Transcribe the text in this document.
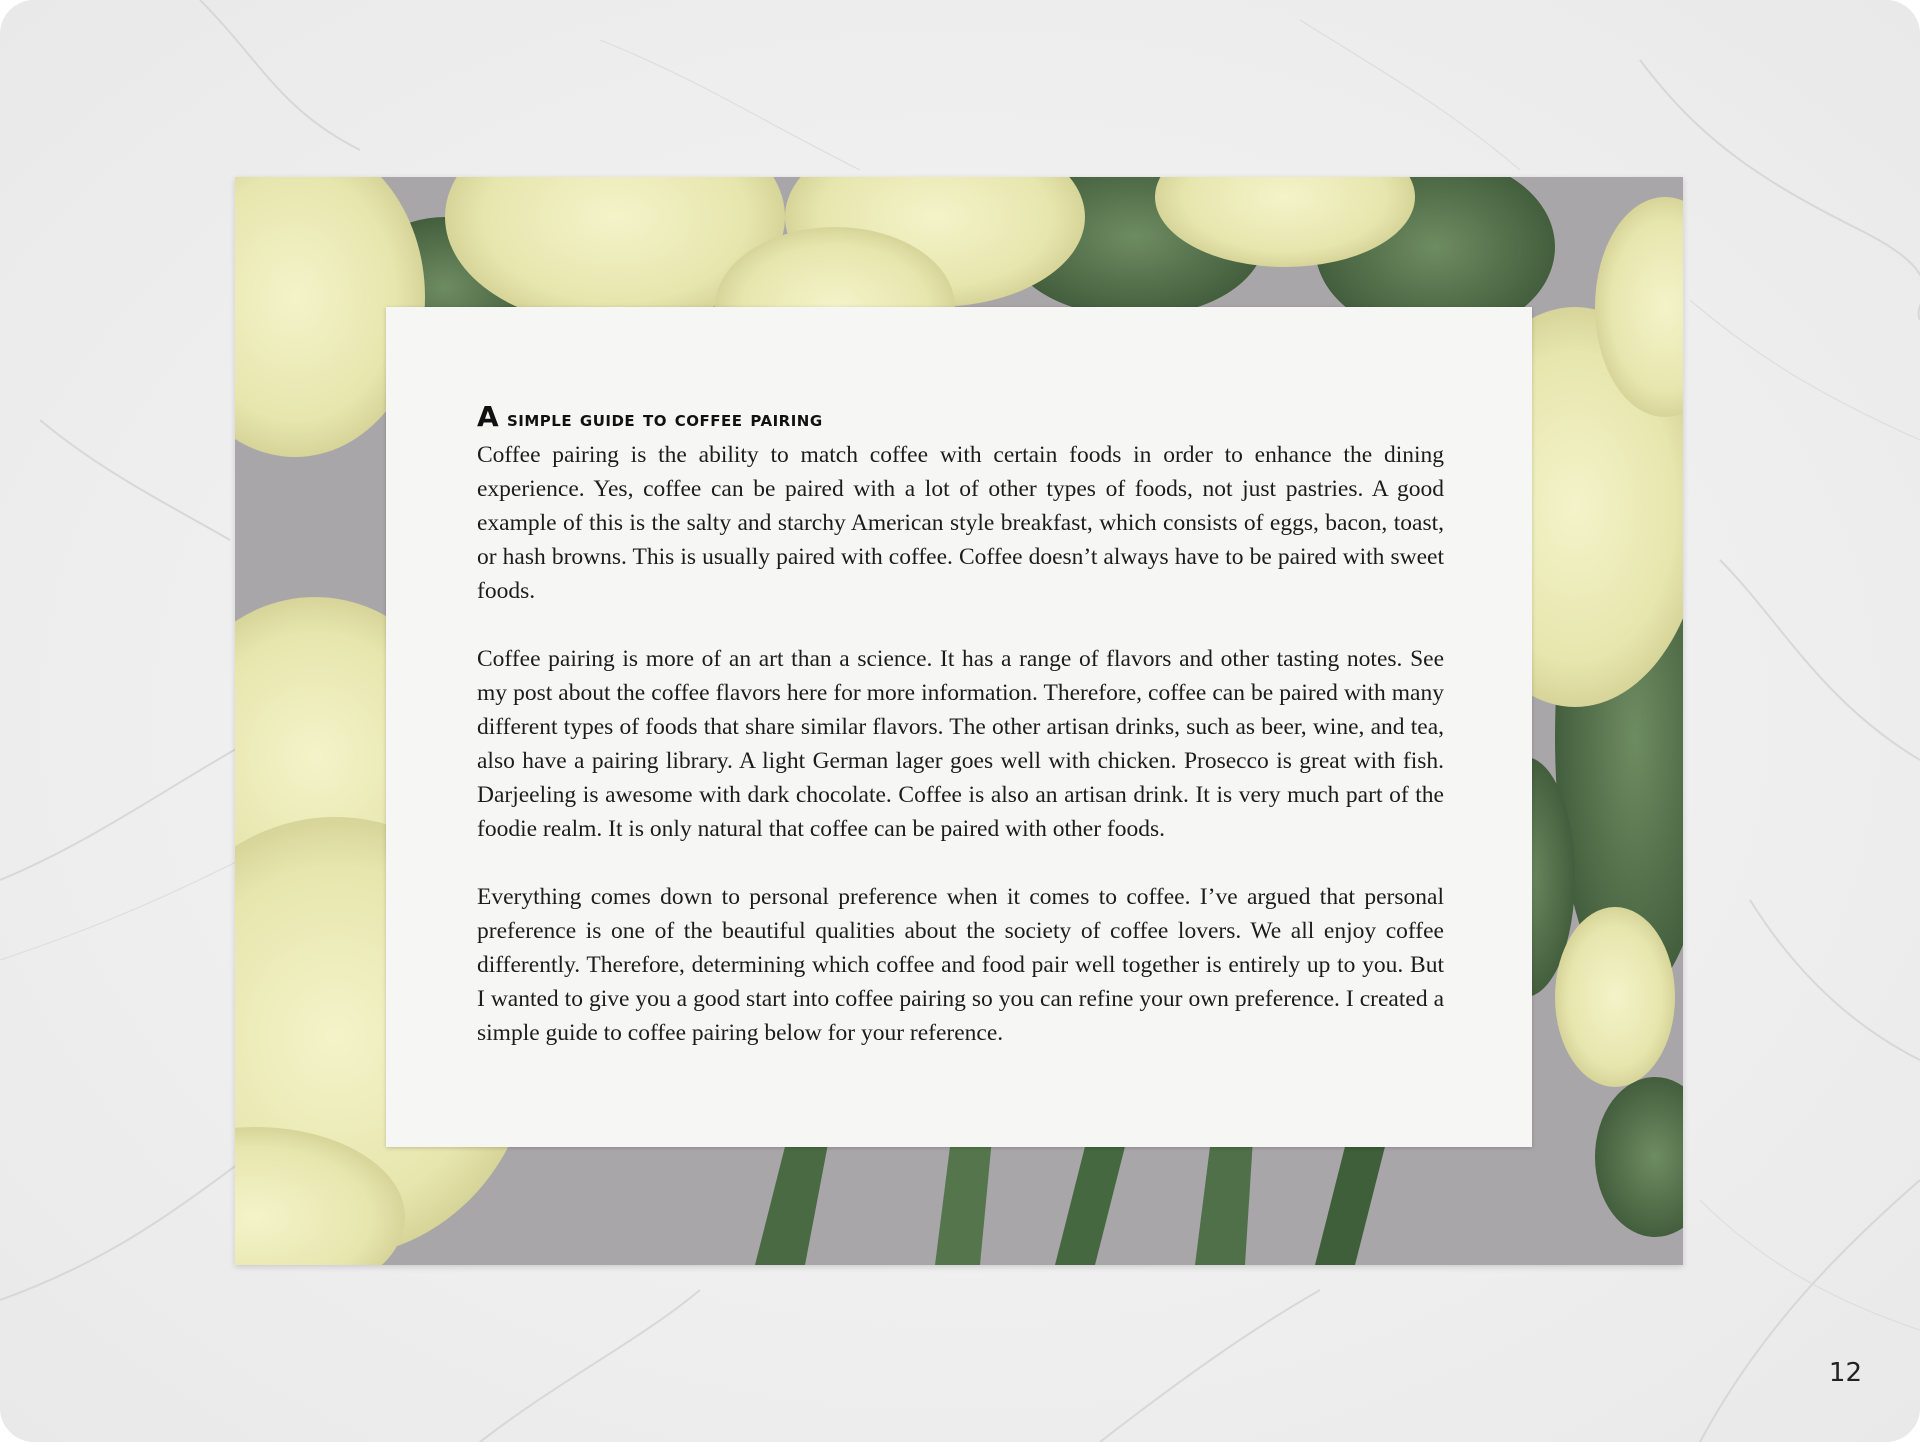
A simple guide to coffee pairing

Coffee pairing is the ability to match coffee with certain foods in order to enhance the dining experience. Yes, coffee can be paired with a lot of other types of foods, not just pastries. A good example of this is the salty and starchy American style breakfast, which consists of eggs, bacon, toast, or hash browns. This is usually paired with coffee. Coffee doesn’t always have to be paired with sweet foods.

Coffee pairing is more of an art than a science. It has a range of flavors and other tasting notes. See my post about the coffee flavors here for more information. Therefore, coffee can be paired with many different types of foods that share similar flavors. The other artisan drinks, such as beer, wine, and tea, also have a pairing library. A light German lager goes well with chicken. Prosecco is great with fish. Darjeeling is awesome with dark chocolate. Coffee is also an artisan drink. It is very much part of the foodie realm. It is only natural that coffee can be paired with other foods.

Everything comes down to personal preference when it comes to coffee. I’ve argued that personal preference is one of the beautiful qualities about the society of coffee lovers. We all enjoy coffee differently. Therefore, determining which coffee and food pair well together is entirely up to you. But I wanted to give you a good start into coffee pairing so you can refine your own preference. I created a simple guide to coffee pairing below for your reference.

12
